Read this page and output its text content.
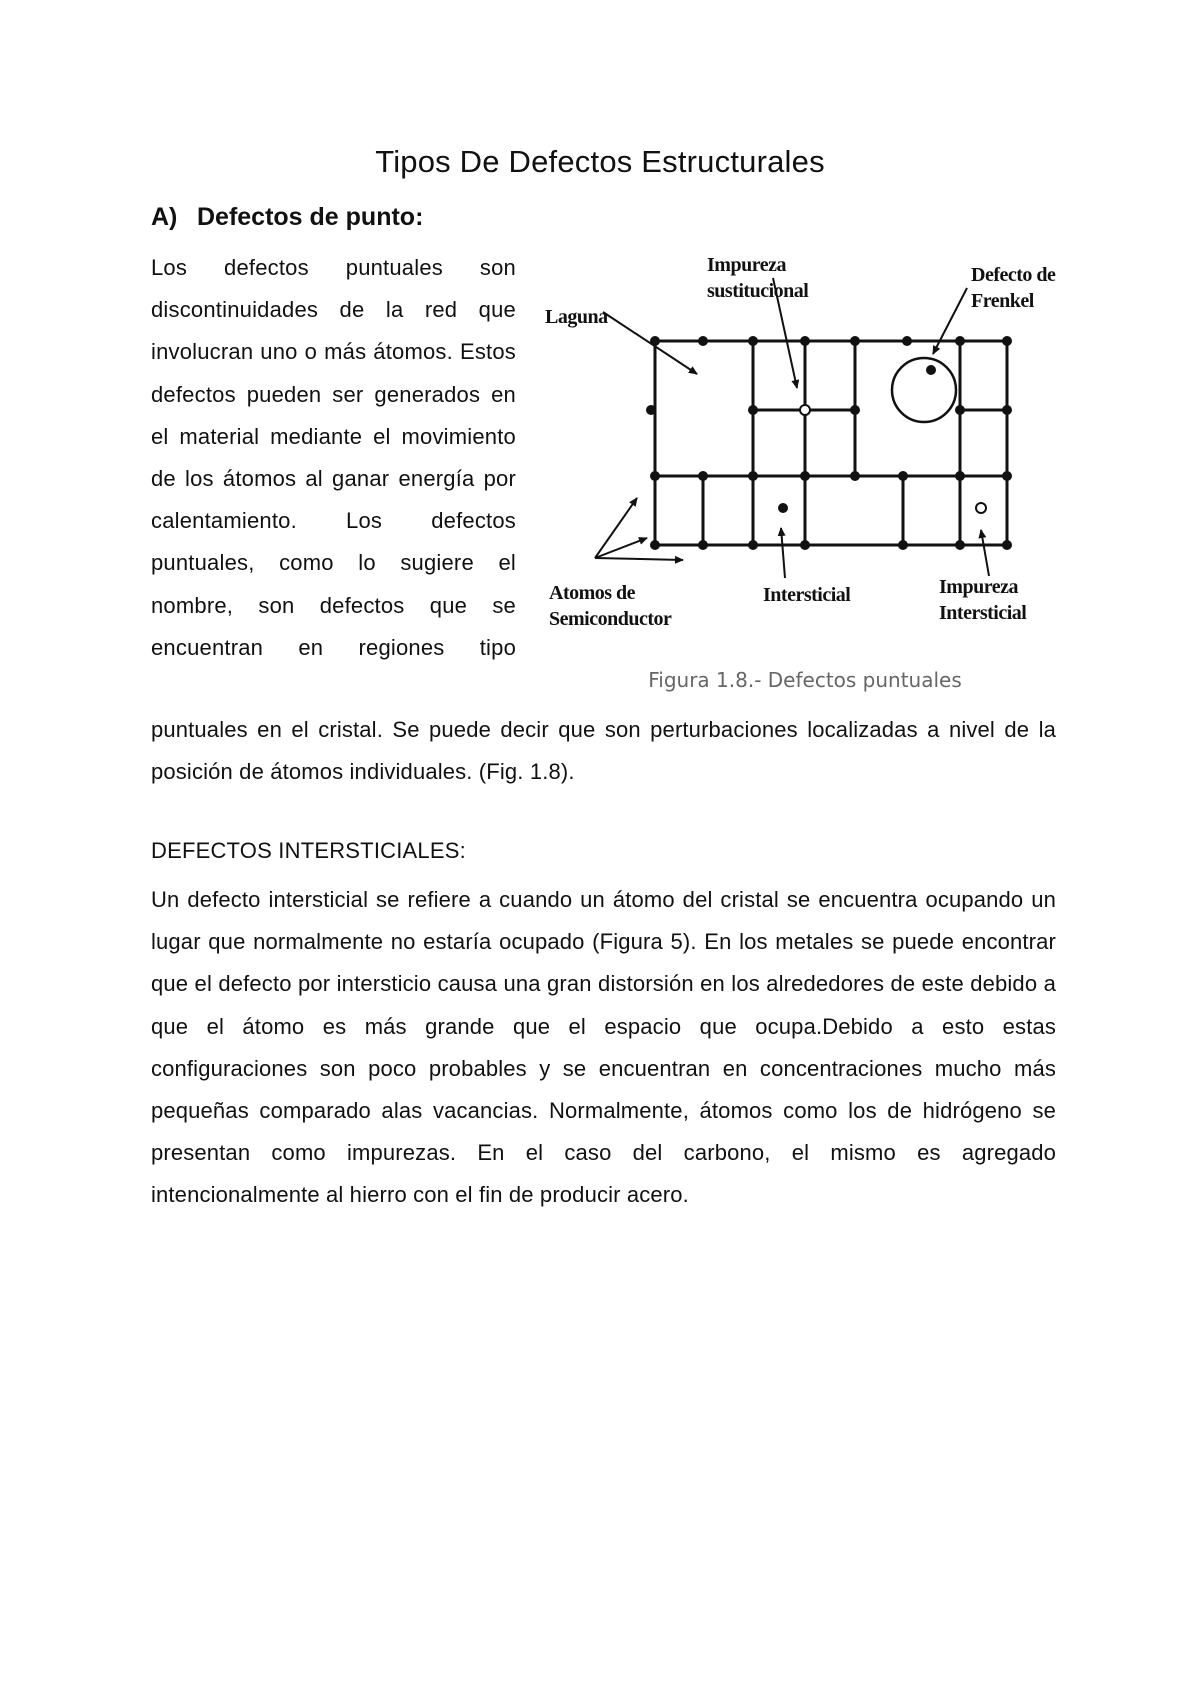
Tipos De Defectos Estructurales
A) Defectos de punto:

Los defectos puntuales son discontinuidades de la red que involucran uno o más átomos. Estos defectos pueden ser generados en el material mediante el movimiento de los átomos al ganar energía por calentamiento. Los defectos puntuales, como lo sugiere el nombre, son defectos que se encuentran en regiones tipo

Laguna
Impureza
sustitucional
Defecto de
Frenkel
Atomos de
Semiconductor
Intersticial	Impureza
Intersticial
Figura 1.8.- Defectos puntuales

puntuales en el cristal. Se puede decir que son perturbaciones localizadas a nivel de la posición de átomos individuales. (Fig. 1.8).

DEFECTOS INTERSTICIALES:

Un defecto intersticial se refiere a cuando un átomo del cristal se encuentra ocupando un lugar que normalmente no estaría ocupado (Figura 5). En los metales se puede encontrar que el defecto por intersticio causa una gran distorsión en los alrededores de este debido a que el átomo es más grande que el espacio que ocupa.Debido a esto estas configuraciones son poco probables y se encuentran en concentraciones mucho más pequeñas comparado alas vacancias. Normalmente, átomos como los de hidrógeno se presentan como impurezas. En el caso del carbono, el mismo es agregado intencionalmente al hierro con el fin de producir acero.
